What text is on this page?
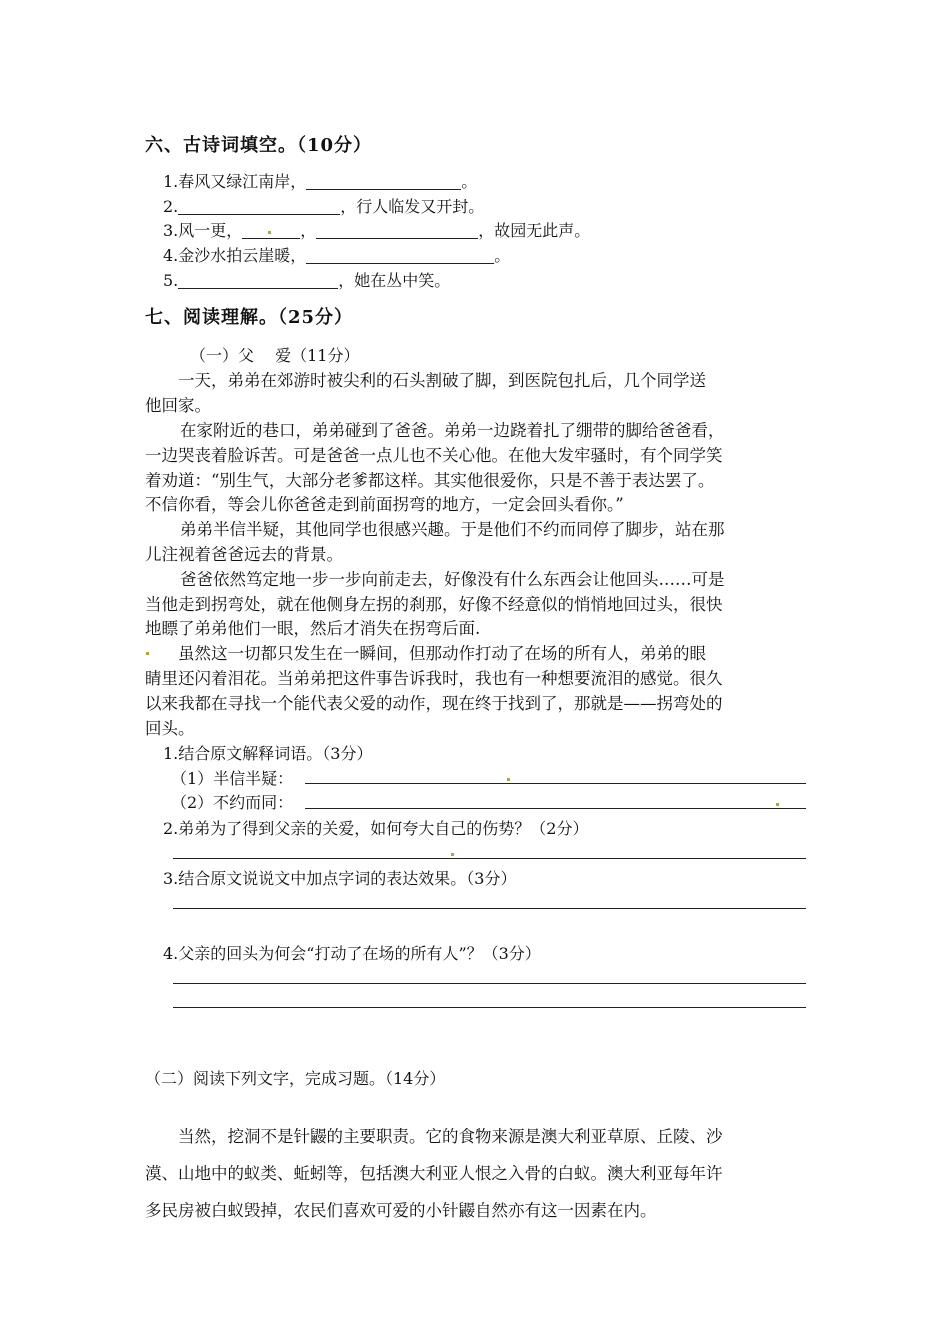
六、古诗词填空。（10分）
1.春风又绿江南岸，	。
2.	，行人临发又开封。
3.风一更，	，	，故园无此声。
4.金沙水拍云崖暖，	。
5.	，她在丛中笑。
七、阅读理解。（25分）
（一）父　 爱（11分）
一天，弟弟在郊游时被尖利的石头割破了脚，到医院包扎后，几个同学送
他回家。
在家附近的巷口，弟弟碰到了爸爸。弟弟一边跷着扎了绷带的脚给爸爸看，
一边哭丧着脸诉苦。可是爸爸一点儿也不关心他。在他大发牢骚时，有个同学笑
着劝道：“别生气，大部分老爹都这样。其实他很爱你，只是不善于表达罢了。
不信你看，等会儿你爸爸走到前面拐弯的地方，一定会回头看你。”
弟弟半信半疑，其他同学也很感兴趣。于是他们不约而同停了脚步，站在那
儿注视着爸爸远去的背景。
爸爸依然笃定地一步一步向前走去，好像没有什么东西会让他回头……可是
当他走到拐弯处，就在他侧身左拐的刹那，好像不经意似的悄悄地回过头，很快
地瞟了弟弟他们一眼，然后才消失在拐弯后面.
虽然这一切都只发生在一瞬间，但那动作打动了在场的所有人，弟弟的眼
睛里还闪着泪花。当弟弟把这件事告诉我时，我也有一种想要流泪的感觉。很久
以来我都在寻找一个能代表父爱的动作，现在终于找到了，那就是——拐弯处的
回头。
1.结合原文解释词语。（3分）
（1）半信半疑：
（2）不约而同：
2.弟弟为了得到父亲的关爱，如何夸大自己的伤势？（2分）
3.结合原文说说文中加点字词的表达效果。（3分）
4.父亲的回头为何会“打动了在场的所有人”？（3分）
（二）阅读下列文字，完成习题。（14分）
当然，挖洞不是针鼹的主要职责。它的食物来源是澳大利亚草原、丘陵、沙
漠、山地中的蚁类、蚯蚓等，包括澳大利亚人恨之入骨的白蚁。澳大利亚每年许
多民房被白蚁毁掉，农民们喜欢可爱的小针鼹自然亦有这一因素在内。
